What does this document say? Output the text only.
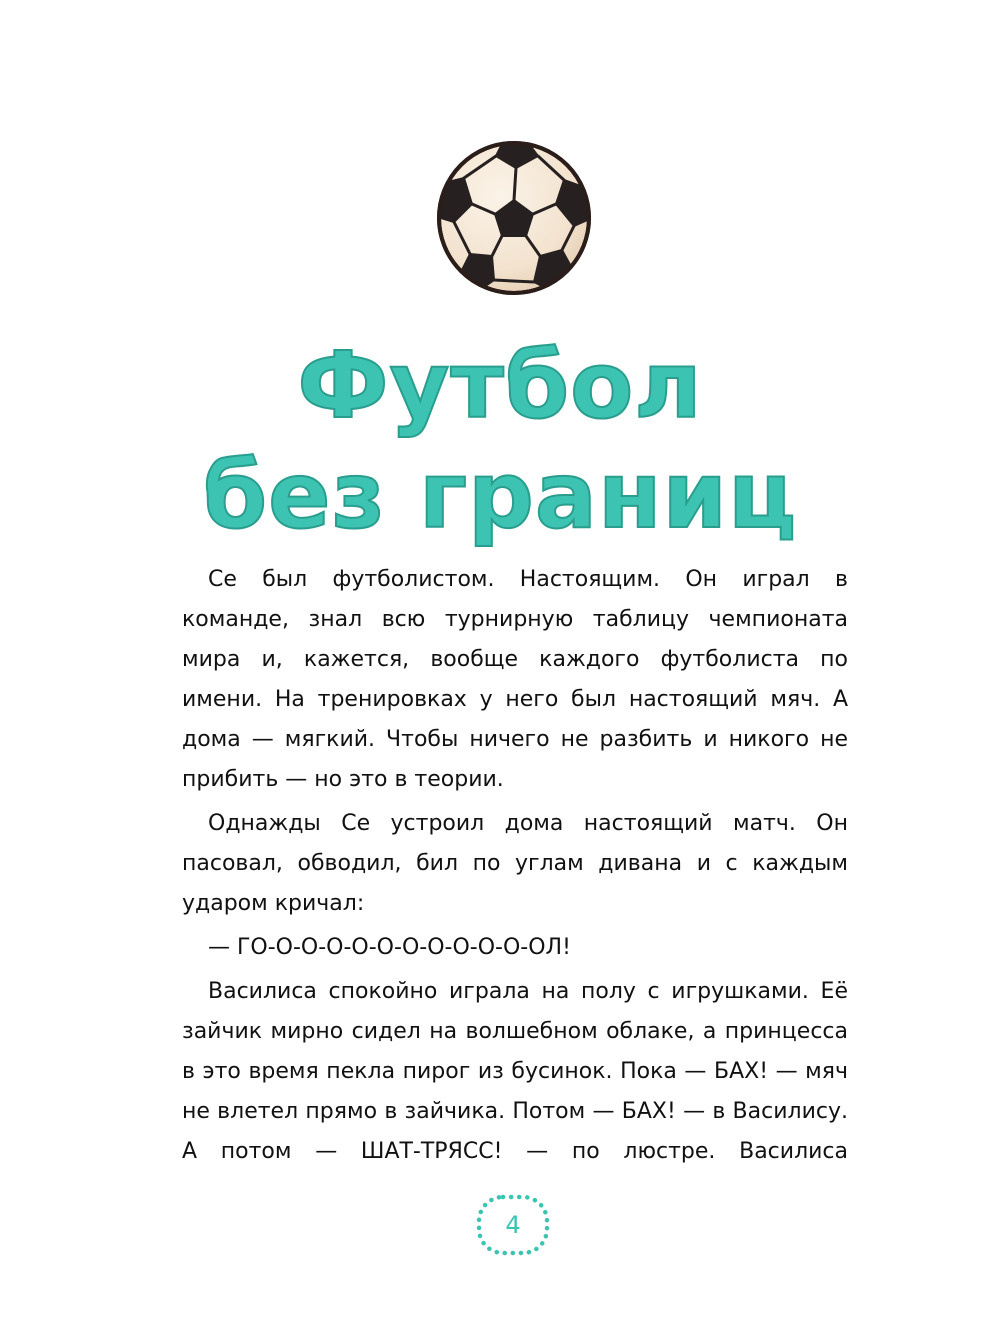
Футбол
без границ

Се был футболистом. Настоящим. Он играл в команде, знал всю турнирную таблицу чемпионата мира и, кажется, вообще каждого футболиста по имени. На тренировках у него был настоящий мяч. А дома — мягкий. Чтобы ничего не разбить и никого не прибить — но это в теории.

Однажды Се устроил дома настоящий матч. Он пасовал, обводил, бил по углам дивана и с каждым ударом кричал:

— ГО-О-О-О-О-О-О-О-О-О-О-ОЛ!

Василиса спокойно играла на полу с игрушками. Её зайчик мирно сидел на волшебном облаке, а принцесса в это время пекла пирог из бусинок. Пока — БАХ! — мяч не влетел прямо в зайчика. Потом — БАХ! — в Василису. А потом — ШАТ-ТРЯСС! — по люстре. Василиса

4
